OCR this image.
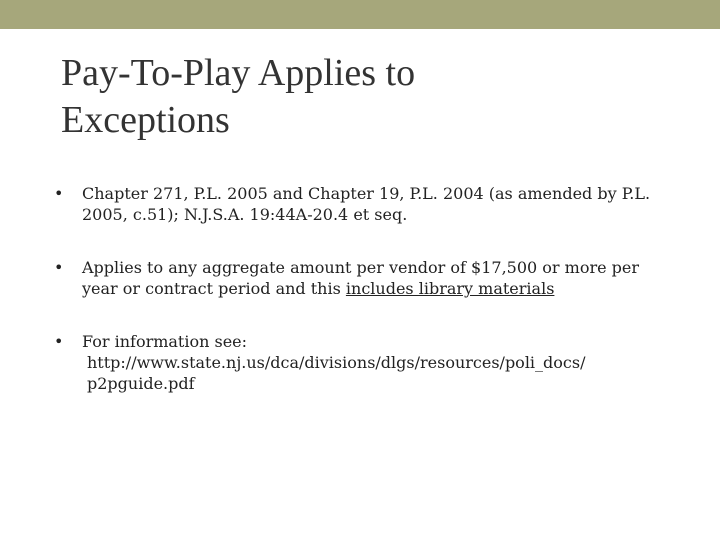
Pay-To-Play Applies to
Exceptions
• Chapter 271, P.L. 2005 and Chapter 19, P.L. 2004 (as amended by P.L. 2005, c.51); N.J.S.A. 19:44A-20.4 et seq.
• Applies to any aggregate amount per vendor of $17,500 or more per year or contract period and this includes library materials
• For information see:
http://www.state.nj.us/dca/divisions/dlgs/resources/poli_docs/
p2pguide.pdf
